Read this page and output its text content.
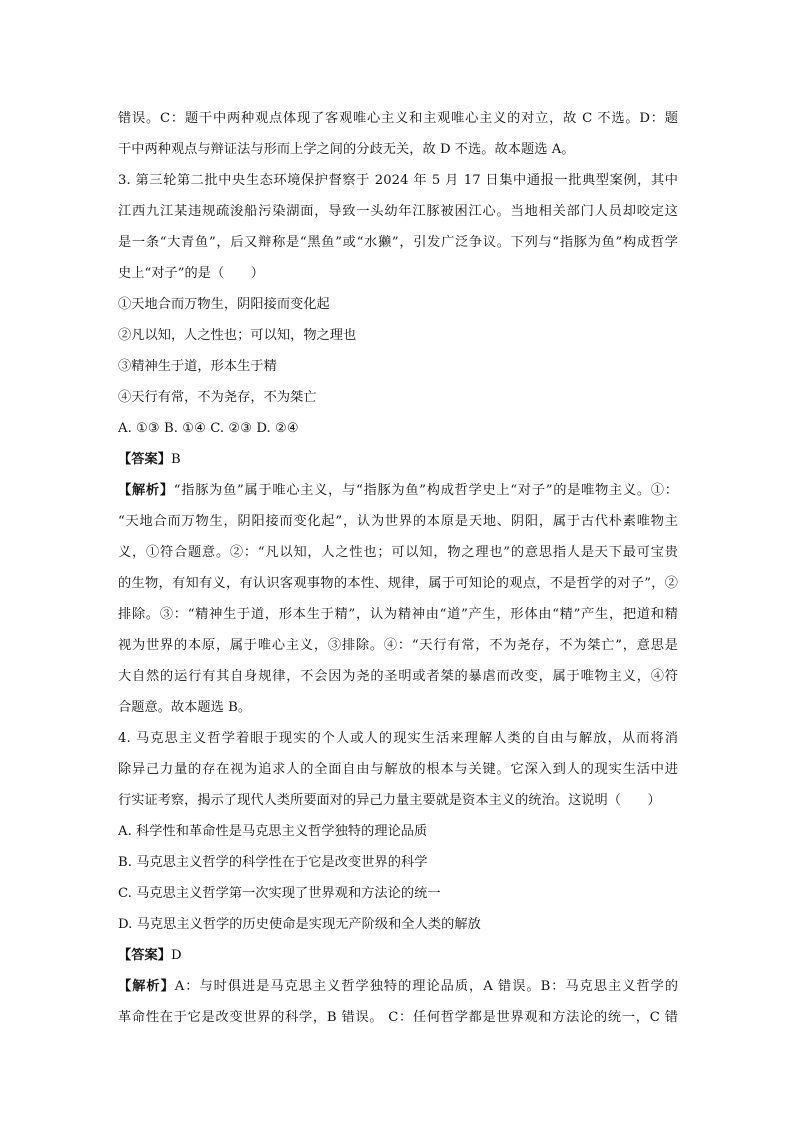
错误。C：题干中两种观点体现了客观唯心主义和主观唯心主义的对立，故 C 不选。D：题
干中两种观点与辩证法与形而上学之间的分歧无关，故 D 不选。故本题选 A。
3. 第三轮第二批中央生态环境保护督察于 2024 年 5 月 17 日集中通报一批典型案例，其中
江西九江某违规疏浚船污染湖面，导致一头幼年江豚被困江心。当地相关部门人员却咬定这
是一条“大青鱼”，后又辩称是“黑鱼”或“水獭”，引发广泛争议。下列与“指豚为鱼”构成哲学
史上“对子”的是（　　）
①天地合而万物生，阴阳接而变化起
②凡以知，人之性也；可以知，物之理也
③精神生于道，形本生于精
④天行有常，不为尧存，不为桀亡
A. ①③ B. ①④ C. ②③ D. ②④
【答案】B
【解析】“指豚为鱼”属于唯心主义，与“指豚为鱼”构成哲学史上“对子”的是唯物主义。①：
“天地合而万物生，阴阳接而变化起”，认为世界的本原是天地、阴阳，属于古代朴素唯物主
义，①符合题意。②：“凡以知，人之性也；可以知，物之理也”的意思指人是天下最可宝贵
的生物，有知有义，有认识客观事物的本性、规律，属于可知论的观点，不是哲学的对子”，②
排除。③：“精神生于道，形本生于精”，认为精神由“道”产生，形体由“精”产生，把道和精
视为世界的本原，属于唯心主义，③排除。④：“天行有常，不为尧存，不为桀亡”，意思是
大自然的运行有其自身规律，不会因为尧的圣明或者桀的暴虐而改变，属于唯物主义，④符
合题意。故本题选 B。
4. 马克思主义哲学着眼于现实的个人或人的现实生活来理解人类的自由与解放，从而将消
除异己力量的存在视为追求人的全面自由与解放的根本与关键。它深入到人的现实生活中进
行实证考察，揭示了现代人类所要面对的异己力量主要就是资本主义的统治。这说明（　　）
A. 科学性和革命性是马克思主义哲学独特的理论品质
B. 马克思主义哲学的科学性在于它是改变世界的科学
C. 马克思主义哲学第一次实现了世界观和方法论的统一
D. 马克思主义哲学的历史使命是实现无产阶级和全人类的解放
【答案】D
【解析】A：与时俱进是马克思主义哲学独特的理论品质，A 错误。B：马克思主义哲学的
革命性在于它是改变世界的科学，B 错误。 C：任何哲学都是世界观和方法论的统一，C 错
